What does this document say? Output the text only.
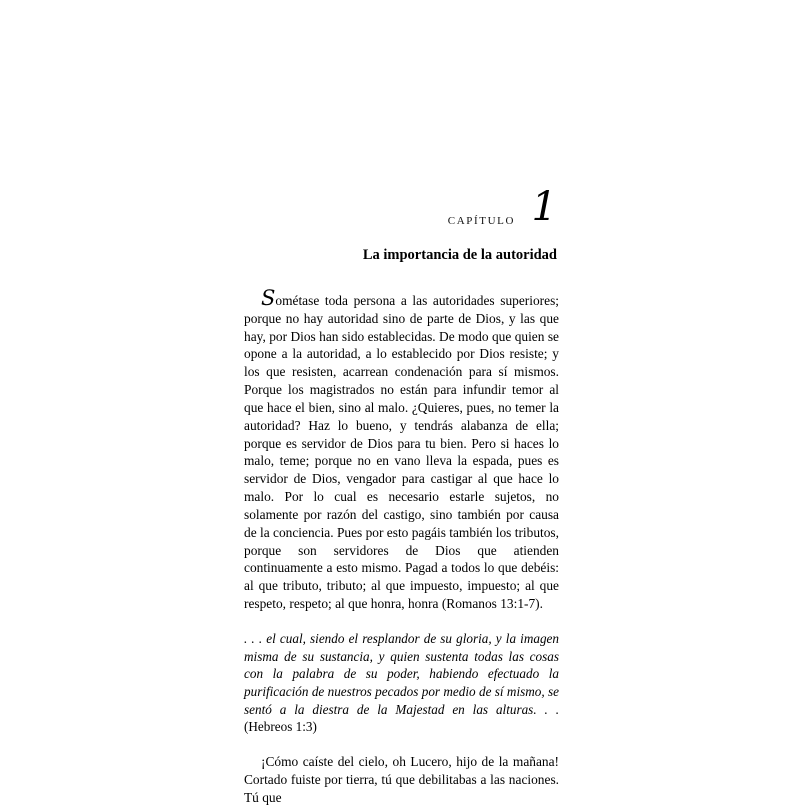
capítulo 1
La importancia de la autoridad

Sométase toda persona a las autoridades superiores; porque no hay autoridad sino de parte de Dios, y las que hay, por Dios han sido establecidas. De modo que quien se opone a la autoridad, a lo establecido por Dios resiste; y los que resisten, acarrean condenación para sí mismos. Porque los magistrados no están para infundir temor al que hace el bien, sino al malo. ¿Quieres, pues, no temer la autoridad? Haz lo bueno, y tendrás alabanza de ella; porque es servidor de Dios para tu bien. Pero si haces lo malo, teme; porque no en vano lleva la espada, pues es servidor de Dios, vengador para castigar al que hace lo malo. Por lo cual es necesario estarle sujetos, no solamente por razón del castigo, sino también por causa de la conciencia. Pues por esto pagáis también los tributos, porque son servidores de Dios que atienden continuamente a esto mismo. Pagad a todos lo que debéis: al que tributo, tributo; al que impuesto, impuesto; al que respeto, respeto; al que honra, honra (Romanos 13:1-7).

. . . el cual, siendo el resplandor de su gloria, y la imagen misma de su sustancia, y quien sustenta todas las cosas con la palabra de su poder, habiendo efectuado la purificación de nuestros pecados por medio de sí mismo, se sentó a la diestra de la Majestad en las alturas. . . (Hebreos 1:3)

¡Cómo caíste del cielo, oh Lucero, hijo de la mañana! Cortado fuiste por tierra, tú que debilitabas a las naciones. Tú que
